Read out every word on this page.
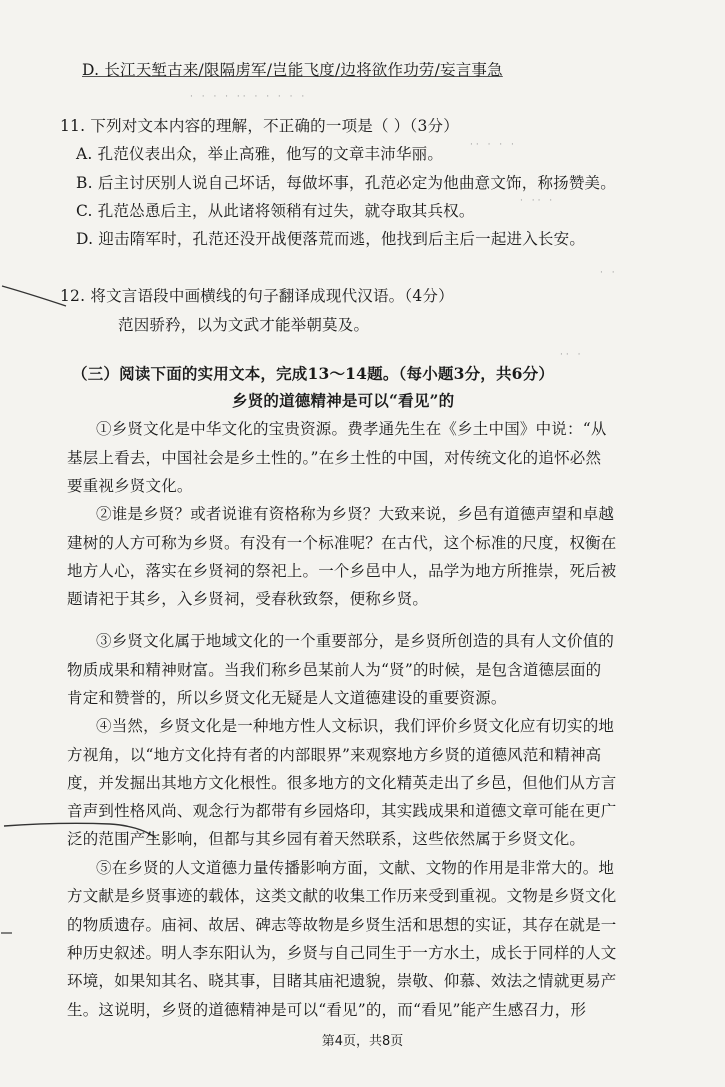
· · · · ·· · · · · ·
·· · · ·
· ·· ·
· ·
·· ·
D. 长江天堑古来/限隔虏军/岂能飞度/边将欲作功劳/妄言事急
11. 下列对文本内容的理解，不正确的一项是（ ）（3分）
A. 孔范仪表出众，举止高雅，他写的文章丰沛华丽。
B. 后主讨厌别人说自己坏话，每做坏事，孔范必定为他曲意文饰，称扬赞美。
C. 孔范怂恿后主，从此诸将领稍有过失，就夺取其兵权。
D. 迎击隋军时，孔范还没开战便落荒而逃，他找到后主后一起进入长安。
12. 将文言语段中画横线的句子翻译成现代汉语。（4分）
范因骄矜，以为文武才能举朝莫及。
（三）阅读下面的实用文本，完成13～14题。（每小题3分，共6分）
乡贤的道德精神是可以“看见”的
①乡贤文化是中华文化的宝贵资源。费孝通先生在《乡土中国》中说：“从
基层上看去，中国社会是乡土性的。”在乡土性的中国，对传统文化的追怀必然
要重视乡贤文化。
②谁是乡贤？或者说谁有资格称为乡贤？大致来说，乡邑有道德声望和卓越
建树的人方可称为乡贤。有没有一个标准呢？在古代，这个标准的尺度，权衡在
地方人心，落实在乡贤祠的祭祀上。一个乡邑中人，品学为地方所推崇，死后被
题请祀于其乡，入乡贤祠，受春秋致祭，便称乡贤。
③乡贤文化属于地域文化的一个重要部分，是乡贤所创造的具有人文价值的
物质成果和精神财富。当我们称乡邑某前人为“贤”的时候，是包含道德层面的
肯定和赞誉的，所以乡贤文化无疑是人文道德建设的重要资源。
④当然，乡贤文化是一种地方性人文标识，我们评价乡贤文化应有切实的地
方视角，以“地方文化持有者的内部眼界”来观察地方乡贤的道德风范和精神高
度，并发掘出其地方文化根性。很多地方的文化精英走出了乡邑，但他们从方言
音声到性格风尚、观念行为都带有乡园烙印，其实践成果和道德文章可能在更广
泛的范围产生影响，但都与其乡园有着天然联系，这些依然属于乡贤文化。
⑤在乡贤的人文道德力量传播影响方面，文献、文物的作用是非常大的。地
方文献是乡贤事迹的载体，这类文献的收集工作历来受到重视。文物是乡贤文化
的物质遗存。庙祠、故居、碑志等故物是乡贤生活和思想的实证，其存在就是一
种历史叙述。明人李东阳认为，乡贤与自己同生于一方水土，成长于同样的人文
环境，如果知其名、晓其事，目睹其庙祀遗貌，崇敬、仰慕、效法之情就更易产
生。这说明，乡贤的道德精神是可以“看见”的，而“看见”能产生感召力，形
第4页，共8页
